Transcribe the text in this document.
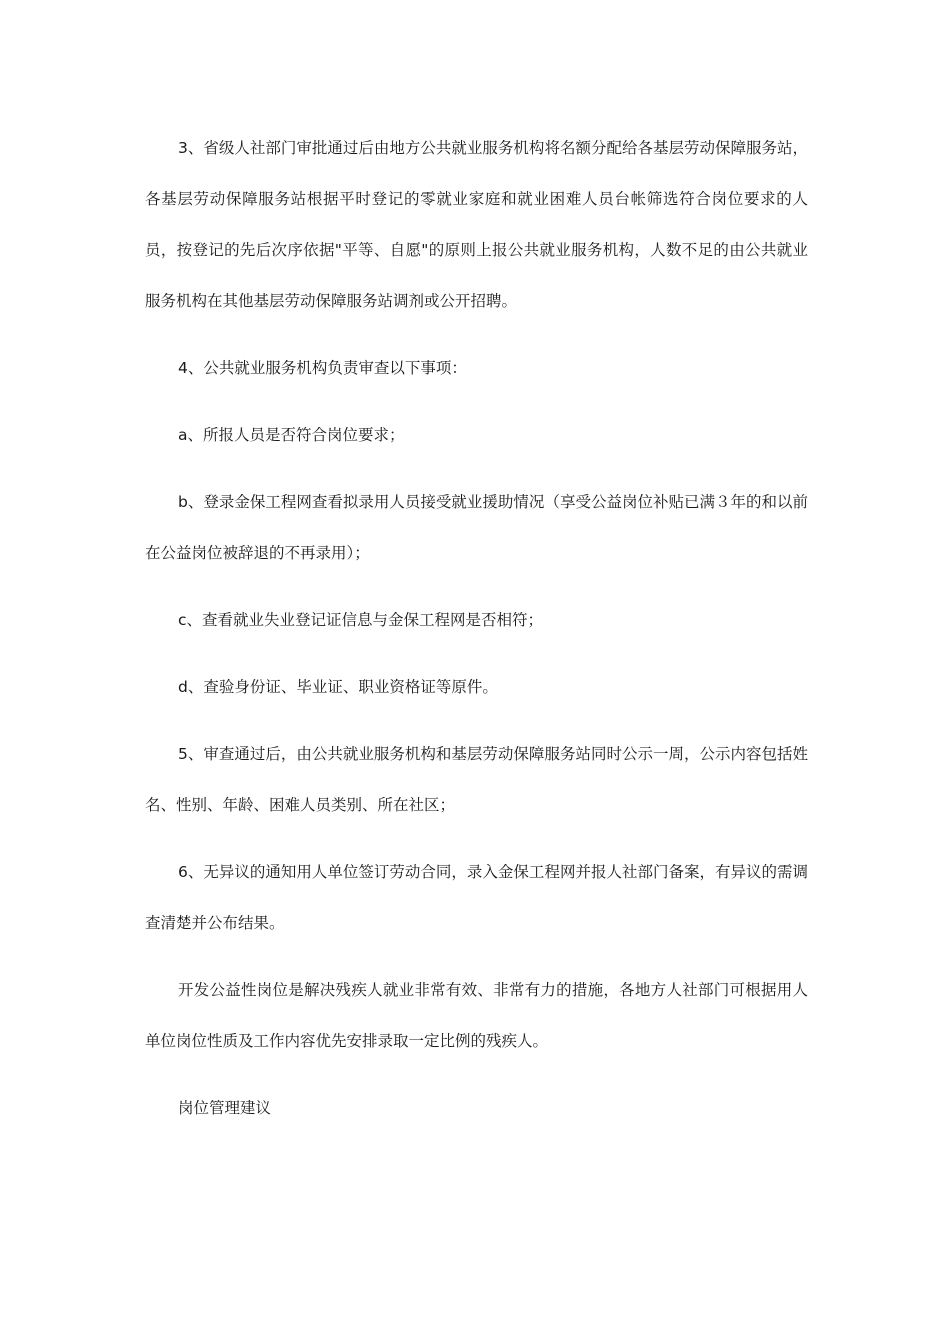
3、省级人社部门审批通过后由地方公共就业服务机构将名额分配给各基层劳动保障服务站，各基层劳动保障服务站根据平时登记的零就业家庭和就业困难人员台帐筛选符合岗位要求的人员，按登记的先后次序依据"平等、自愿"的原则上报公共就业服务机构，人数不足的由公共就业服务机构在其他基层劳动保障服务站调剂或公开招聘。

4、公共就业服务机构负责审查以下事项：

a、所报人员是否符合岗位要求；

b、登录金保工程网查看拟录用人员接受就业援助情况（享受公益岗位补贴已满３年的和以前在公益岗位被辞退的不再录用）；

c、查看就业失业登记证信息与金保工程网是否相符；

d、查验身份证、毕业证、职业资格证等原件。

5、审查通过后，由公共就业服务机构和基层劳动保障服务站同时公示一周，公示内容包括姓名、性别、年龄、困难人员类别、所在社区；

6、无异议的通知用人单位签订劳动合同，录入金保工程网并报人社部门备案，有异议的需调查清楚并公布结果。

开发公益性岗位是解决残疾人就业非常有效、非常有力的措施，各地方人社部门可根据用人单位岗位性质及工作内容优先安排录取一定比例的残疾人。

岗位管理建议
